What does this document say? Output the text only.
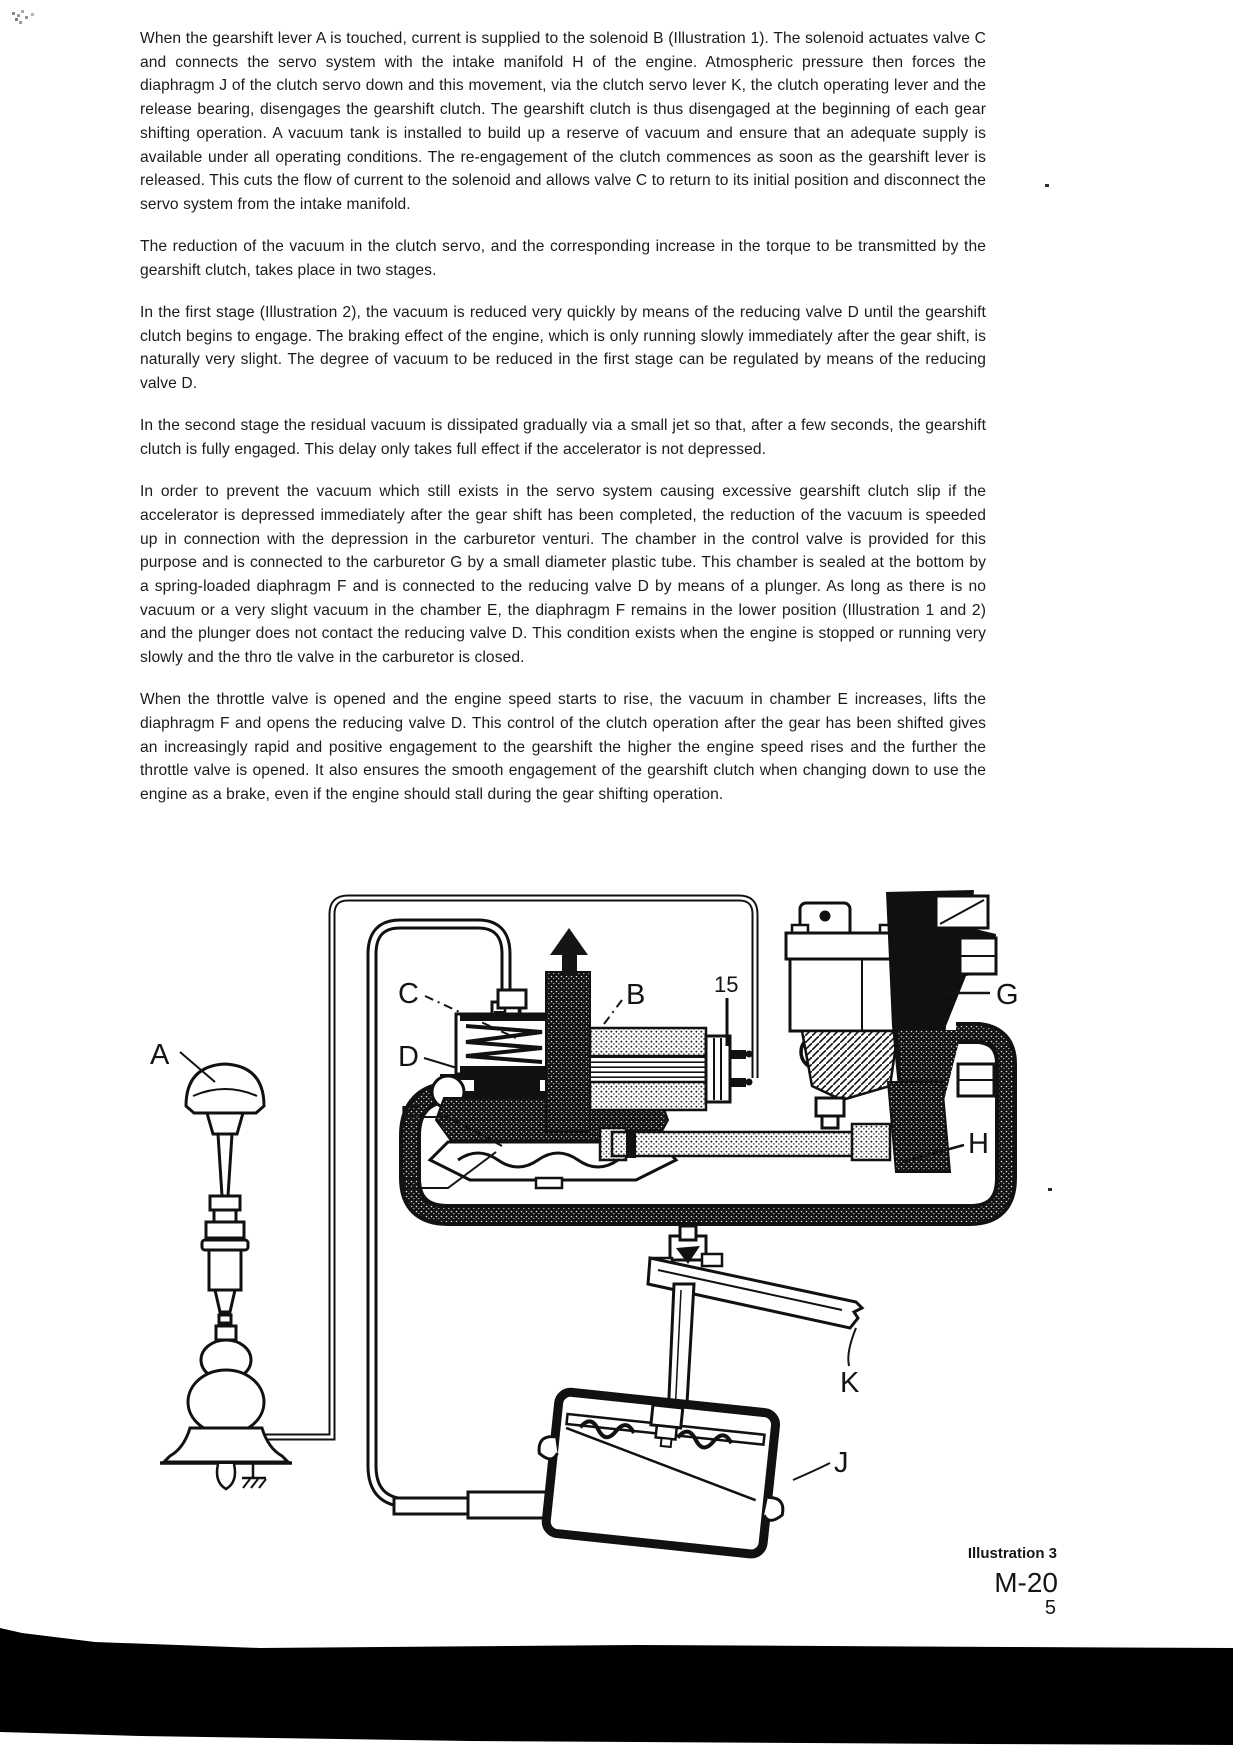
When the gearshift lever A is touched, current is supplied to the solenoid B (Illustration 1). The solenoid actuates valve C and connects the servo system with the intake manifold H of the engine. Atmospheric pressure then forces the diaphragm J of the clutch servo down and this movement, via the clutch servo lever K, the clutch operating lever and the release bearing, disengages the gearshift clutch. The gearshift clutch is thus disengaged at the beginning of each gear shifting operation. A vacuum tank is installed to build up a reserve of vacuum and ensure that an adequate supply is available under all operating conditions. The re-engagement of the clutch commences as soon as the gearshift lever is released. This cuts the flow of current to the solenoid and allows valve C to return to its initial position and disconnect the servo system from the intake manifold.

The reduction of the vacuum in the clutch servo, and the corresponding increase in the torque to be transmitted by the gearshift clutch, takes place in two stages.

In the first stage (Illustration 2), the vacuum is reduced very quickly by means of the reducing valve D until the gearshift clutch begins to engage. The braking effect of the engine, which is only running slowly immediately after the gear shift, is naturally very slight. The degree of vacuum to be reduced in the first stage can be regulated by means of the reducing valve D.

In the second stage the residual vacuum is dissipated gradually via a small jet so that, after a few seconds, the gearshift clutch is fully engaged. This delay only takes full effect if the accelerator is not depressed.

In order to prevent the vacuum which still exists in the servo system causing excessive gearshift clutch slip if the accelerator is depressed immediately after the gear shift has been completed, the reduction of the vacuum is speeded up in connection with the depression in the carburetor venturi. The chamber in the control valve is provided for this purpose and is connected to the carburetor G by a small diameter plastic tube. This chamber is sealed at the bottom by a spring-loaded diaphragm F and is connected to the reducing valve D by means of a plunger. As long as there is no vacuum or a very slight vacuum in the chamber E, the diaphragm F remains in the lower position (Illustration 1 and 2) and the plunger does not contact the reducing valve D. This condition exists when the engine is stopped or running very slowly and the thro tle valve in the carburetor is closed.

When the throttle valve is opened and the engine speed starts to rise, the vacuum in chamber E increases, lifts the diaphragm F and opens the reducing valve D. This control of the clutch operation after the gear has been shifted gives an increasingly rapid and positive engagement to the gearshift the higher the engine speed rises and the further the throttle valve is opened. It also ensures the smooth engagement of the gearshift clutch when changing down to use the engine as a brake, even if the engine should stall during the gear shifting operation.

A
C
D
E
F
B	15	G
H
K
J
Illustration 3
M-20
5
